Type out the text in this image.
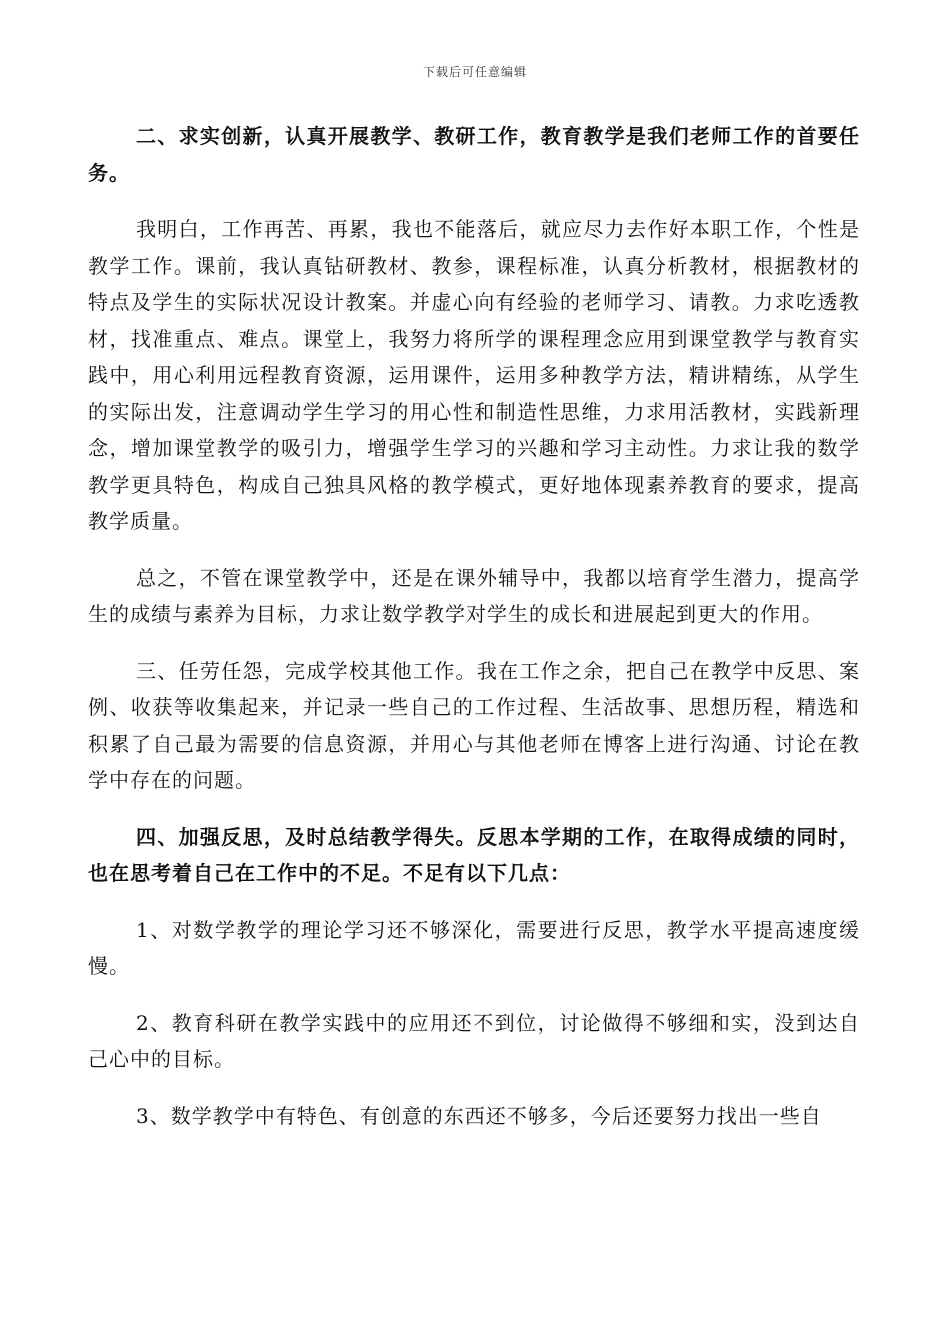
下载后可任意编辑

二、求实创新，认真开展教学、教研工作，教育教学是我们老师工作的首要任务。

我明白，工作再苦、再累，我也不能落后，就应尽力去作好本职工作，个性是教学工作。课前，我认真钻研教材、教参，课程标准，认真分析教材，根据教材的特点及学生的实际状况设计教案。并虚心向有经验的老师学习、请教。力求吃透教材，找准重点、难点。课堂上，我努力将所学的课程理念应用到课堂教学与教育实践中，用心利用远程教育资源，运用课件，运用多种教学方法，精讲精练，从学生的实际出发，注意调动学生学习的用心性和制造性思维，力求用活教材，实践新理念，增加课堂教学的吸引力，增强学生学习的兴趣和学习主动性。力求让我的数学教学更具特色，构成自己独具风格的教学模式，更好地体现素养教育的要求，提高教学质量。

总之，不管在课堂教学中，还是在课外辅导中，我都以培育学生潜力，提高学生的成绩与素养为目标，力求让数学教学对学生的成长和进展起到更大的作用。

三、任劳任怨，完成学校其他工作。我在工作之余，把自己在教学中反思、案例、收获等收集起来，并记录一些自己的工作过程、生活故事、思想历程，精选和积累了自己最为需要的信息资源，并用心与其他老师在博客上进行沟通、讨论在教学中存在的问题。

四、加强反思，及时总结教学得失。反思本学期的工作，在取得成绩的同时，也在思考着自己在工作中的不足。不足有以下几点：

1、对数学教学的理论学习还不够深化，需要进行反思，教学水平提高速度缓慢。

2、教育科研在教学实践中的应用还不到位，讨论做得不够细和实，没到达自己心中的目标。

3、数学教学中有特色、有创意的东西还不够多，今后还要努力找出一些自
